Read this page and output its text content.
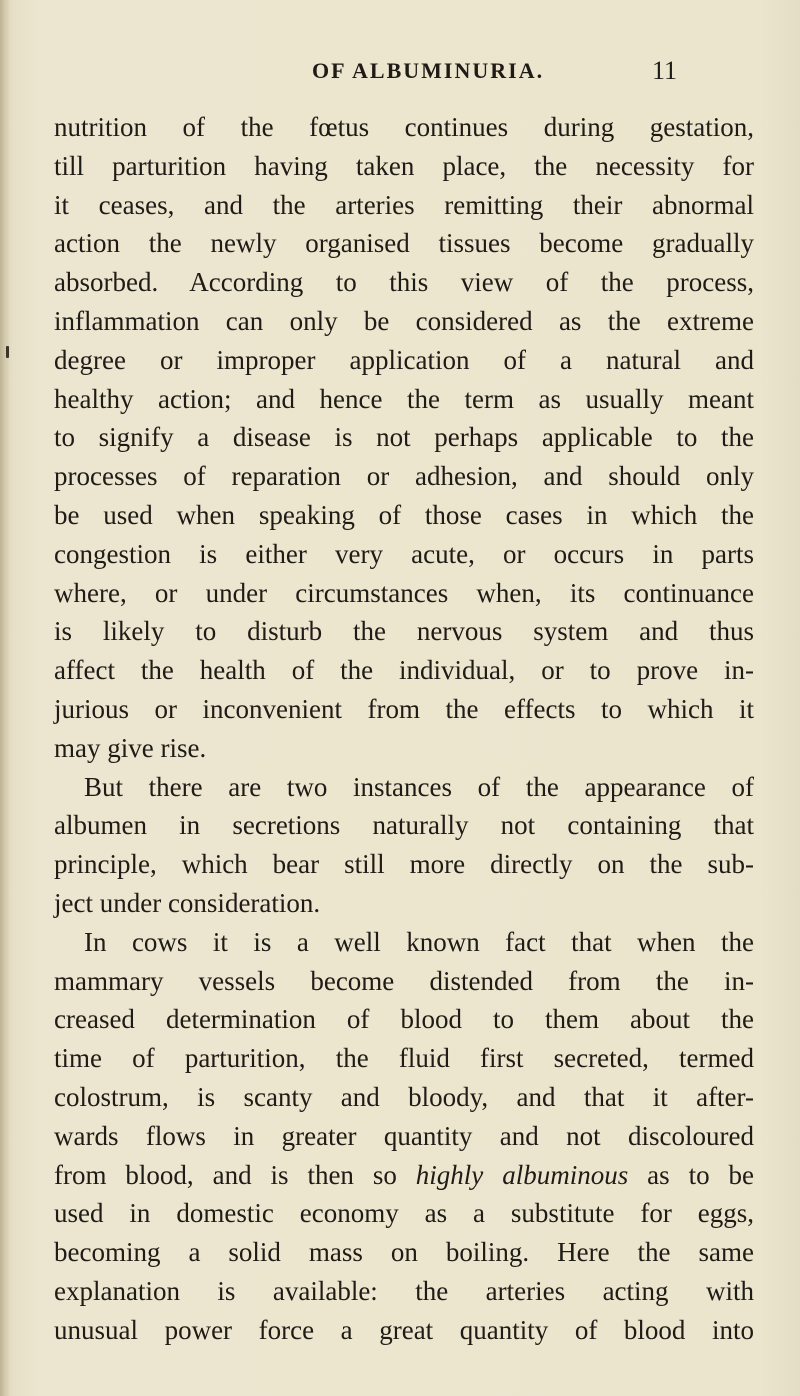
OF ALBUMINURIA.	11
nutrition of the fœtus continues during gestation,
till parturition having taken place, the necessity for
it ceases, and the arteries remitting their abnormal
action the newly organised tissues become gradually
absorbed. According to this view of the process,
inflammation can only be considered as the extreme
degree or improper application of a natural and
healthy action; and hence the term as usually meant
to signify a disease is not perhaps applicable to the
processes of reparation or adhesion, and should only
be used when speaking of those cases in which the
congestion is either very acute, or occurs in parts
where, or under circumstances when, its continuance
is likely to disturb the nervous system and thus
affect the health of the individual, or to prove in-
jurious or inconvenient from the effects to which it
may give rise.
But there are two instances of the appearance of
albumen in secretions naturally not containing that
principle, which bear still more directly on the sub-
ject under consideration.
In cows it is a well known fact that when the
mammary vessels become distended from the in-
creased determination of blood to them about the
time of parturition, the fluid first secreted, termed
colostrum, is scanty and bloody, and that it after-
wards flows in greater quantity and not discoloured
from blood, and is then so highly albuminous as to be
used in domestic economy as a substitute for eggs,
becoming a solid mass on boiling. Here the same
explanation is available: the arteries acting with
unusual power force a great quantity of blood into
